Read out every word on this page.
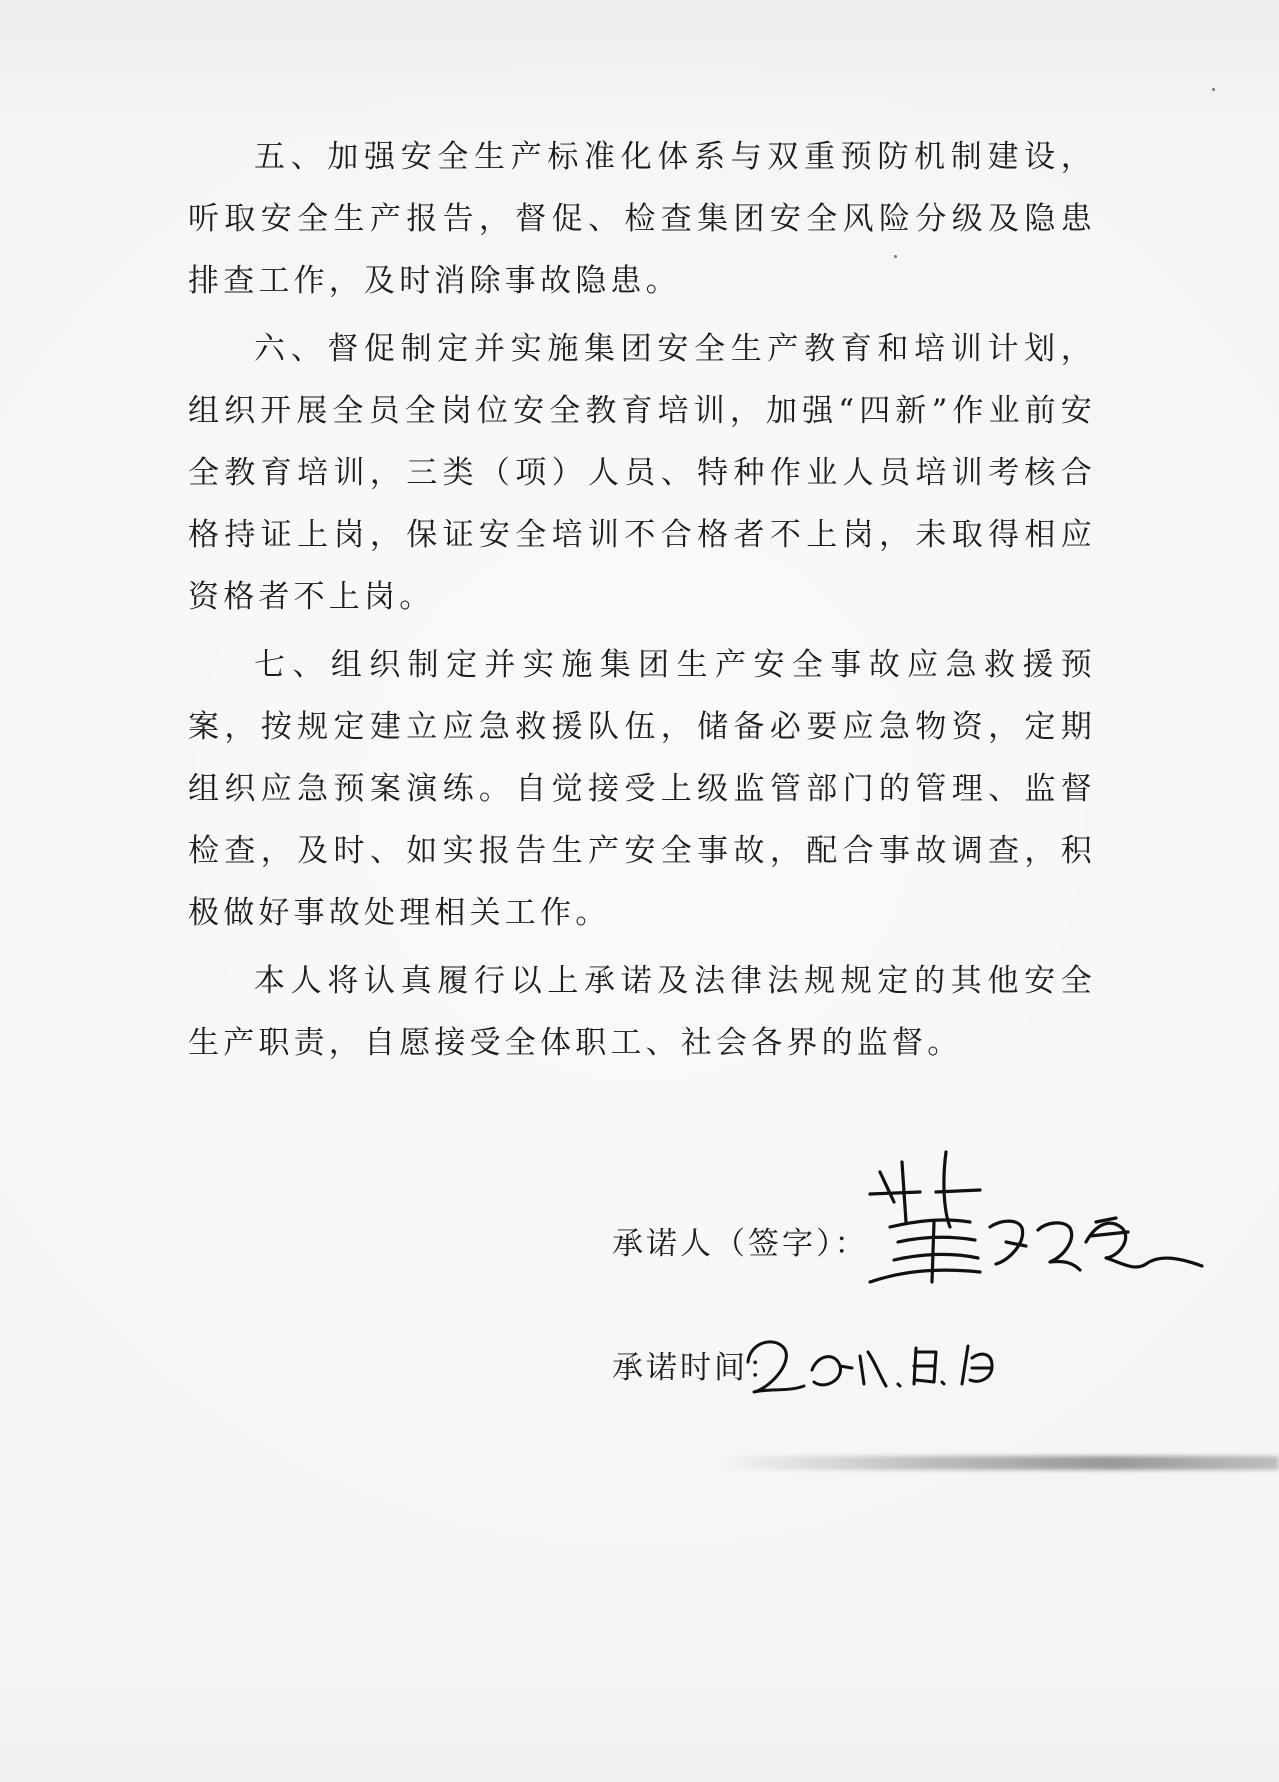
五、加强安全生产标准化体系与双重预防机制建设，听取安全生产报告，督促、检查集团安全风险分级及隐患排查工作，及时消除事故隐患。

六、督促制定并实施集团安全生产教育和培训计划，组织开展全员全岗位安全教育培训，加强“四新”作业前安全教育培训，三类（项）人员、特种作业人员培训考核合格持证上岗，保证安全培训不合格者不上岗，未取得相应资格者不上岗。

七、组织制定并实施集团生产安全事故应急救援预案，按规定建立应急救援队伍，储备必要应急物资，定期组织应急预案演练。自觉接受上级监管部门的管理、监督检查，及时、如实报告生产安全事故，配合事故调查，积极做好事故处理相关工作。

本人将认真履行以上承诺及法律法规规定的其他安全生产职责，自愿接受全体职工、社会各界的监督。

承诺人（签字）：
承诺时间：
